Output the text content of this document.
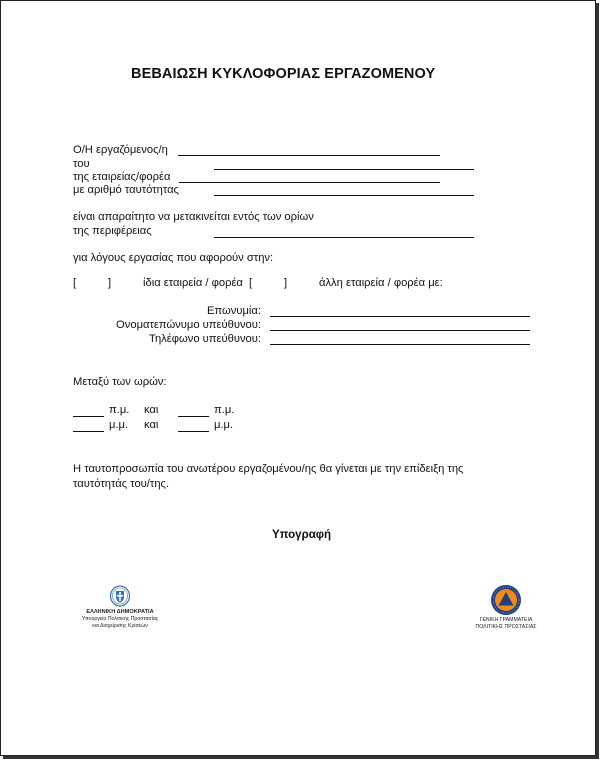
ΒΕΒΑΙΩΣΗ ΚΥΚΛΟΦΟΡΙΑΣ ΕΡΓΑΖΟΜΕΝΟΥ
Ο/Η εργαζόμενος/η
του
της εταιρείας/φορέα
με αριθμό ταυτότητας
είναι απαραίτητο να μετακινείται εντός των ορίων
της περιφέρειας
για λόγους εργασίας που αφορούν στην:
[	]	ίδια εταιρεία / φορέα [	]	άλλη εταιρεία / φορέα με:
Επωνυμία:
Ονοματεπώνυμο υπεύθυνου:
Τηλέφωνο υπεύθυνου:
Μεταξύ των ωρών:
π.μ. και	π.μ.
μ.μ. και	μ.μ.
Η ταυτοπροσωπία του ανωτέρου εργαζομένου/ης θα γίνεται με την επίδειξη της
ταυτότητάς του/της.
Υπογραφή
ΕΛΛΗΝΙΚΗ ΔΗΜΟΚΡΑΤΙΑ
Υπουργείο Πολιτικής Προστασίας
και Διαχείρισης Κρίσεων
ΓΕΝΙΚΗ ΓΡΑΜΜΑΤΕΙΑ
ΠΟΛΙΤΙΚΗΣ ΠΡΟΣΤΑΣΙΑΣ
